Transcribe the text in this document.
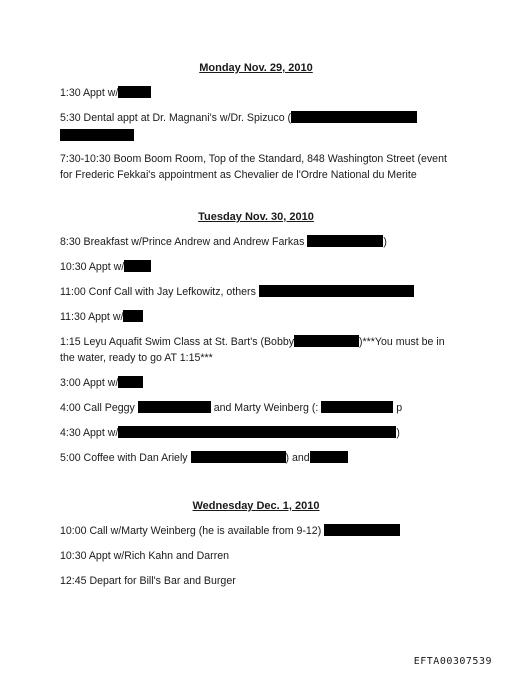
Monday Nov. 29, 2010
1:30 Appt w/
5:30 Dental appt at Dr. Magnani's w/Dr. Spizuco (
7:30-10:30 Boom Boom Room, Top of the Standard, 848 Washington Street (event for Frederic Fekkai's appointment as Chevalier de l'Ordre National du Merite
Tuesday Nov. 30, 2010
8:30 Breakfast w/Prince Andrew and Andrew Farkas	)
10:30 Appt w/
11:00 Conf Call with Jay Lefkowitz, others
11:30 Appt w/
1:15 Leyu Aquafit Swim Class at St. Bart's (Bobby	)***You must be in the water, ready to go AT 1:15***
3:00 Appt w/
4:00 Call Peggy	and Marty Weinberg (:	p
4:30 Appt w/	)
5:00 Coffee with Dan Ariely	) and
Wednesday Dec. 1, 2010
10:00 Call w/Marty Weinberg (he is available from 9-12)
10:30 Appt w/Rich Kahn and Darren
12:45 Depart for Bill's Bar and Burger
EFTA00307539
